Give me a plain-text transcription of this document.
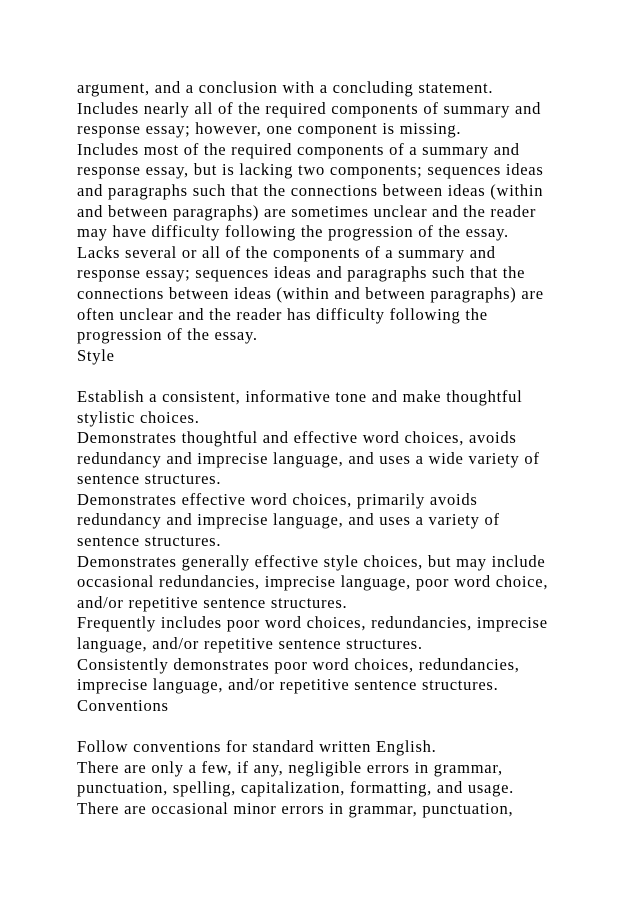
argument, and a conclusion with a concluding statement.
Includes nearly all of the required components of summary and
response essay; however, one component is missing.
Includes most of the required components of a summary and
response essay, but is lacking two components; sequences ideas
and paragraphs such that the connections between ideas (within
and between paragraphs) are sometimes unclear and the reader
may have difficulty following the progression of the essay.
Lacks several or all of the components of a summary and
response essay; sequences ideas and paragraphs such that the
connections between ideas (within and between paragraphs) are
often unclear and the reader has difficulty following the
progression of the essay.
Style
Establish a consistent, informative tone and make thoughtful
stylistic choices.
Demonstrates thoughtful and effective word choices, avoids
redundancy and imprecise language, and uses a wide variety of
sentence structures.
Demonstrates effective word choices, primarily avoids
redundancy and imprecise language, and uses a variety of
sentence structures.
Demonstrates generally effective style choices, but may include
occasional redundancies, imprecise language, poor word choice,
and/or repetitive sentence structures.
Frequently includes poor word choices, redundancies, imprecise
language, and/or repetitive sentence structures.
Consistently demonstrates poor word choices, redundancies,
imprecise language, and/or repetitive sentence structures.
Conventions
Follow conventions for standard written English.
There are only a few, if any, negligible errors in grammar,
punctuation, spelling, capitalization, formatting, and usage.
There are occasional minor errors in grammar, punctuation,
